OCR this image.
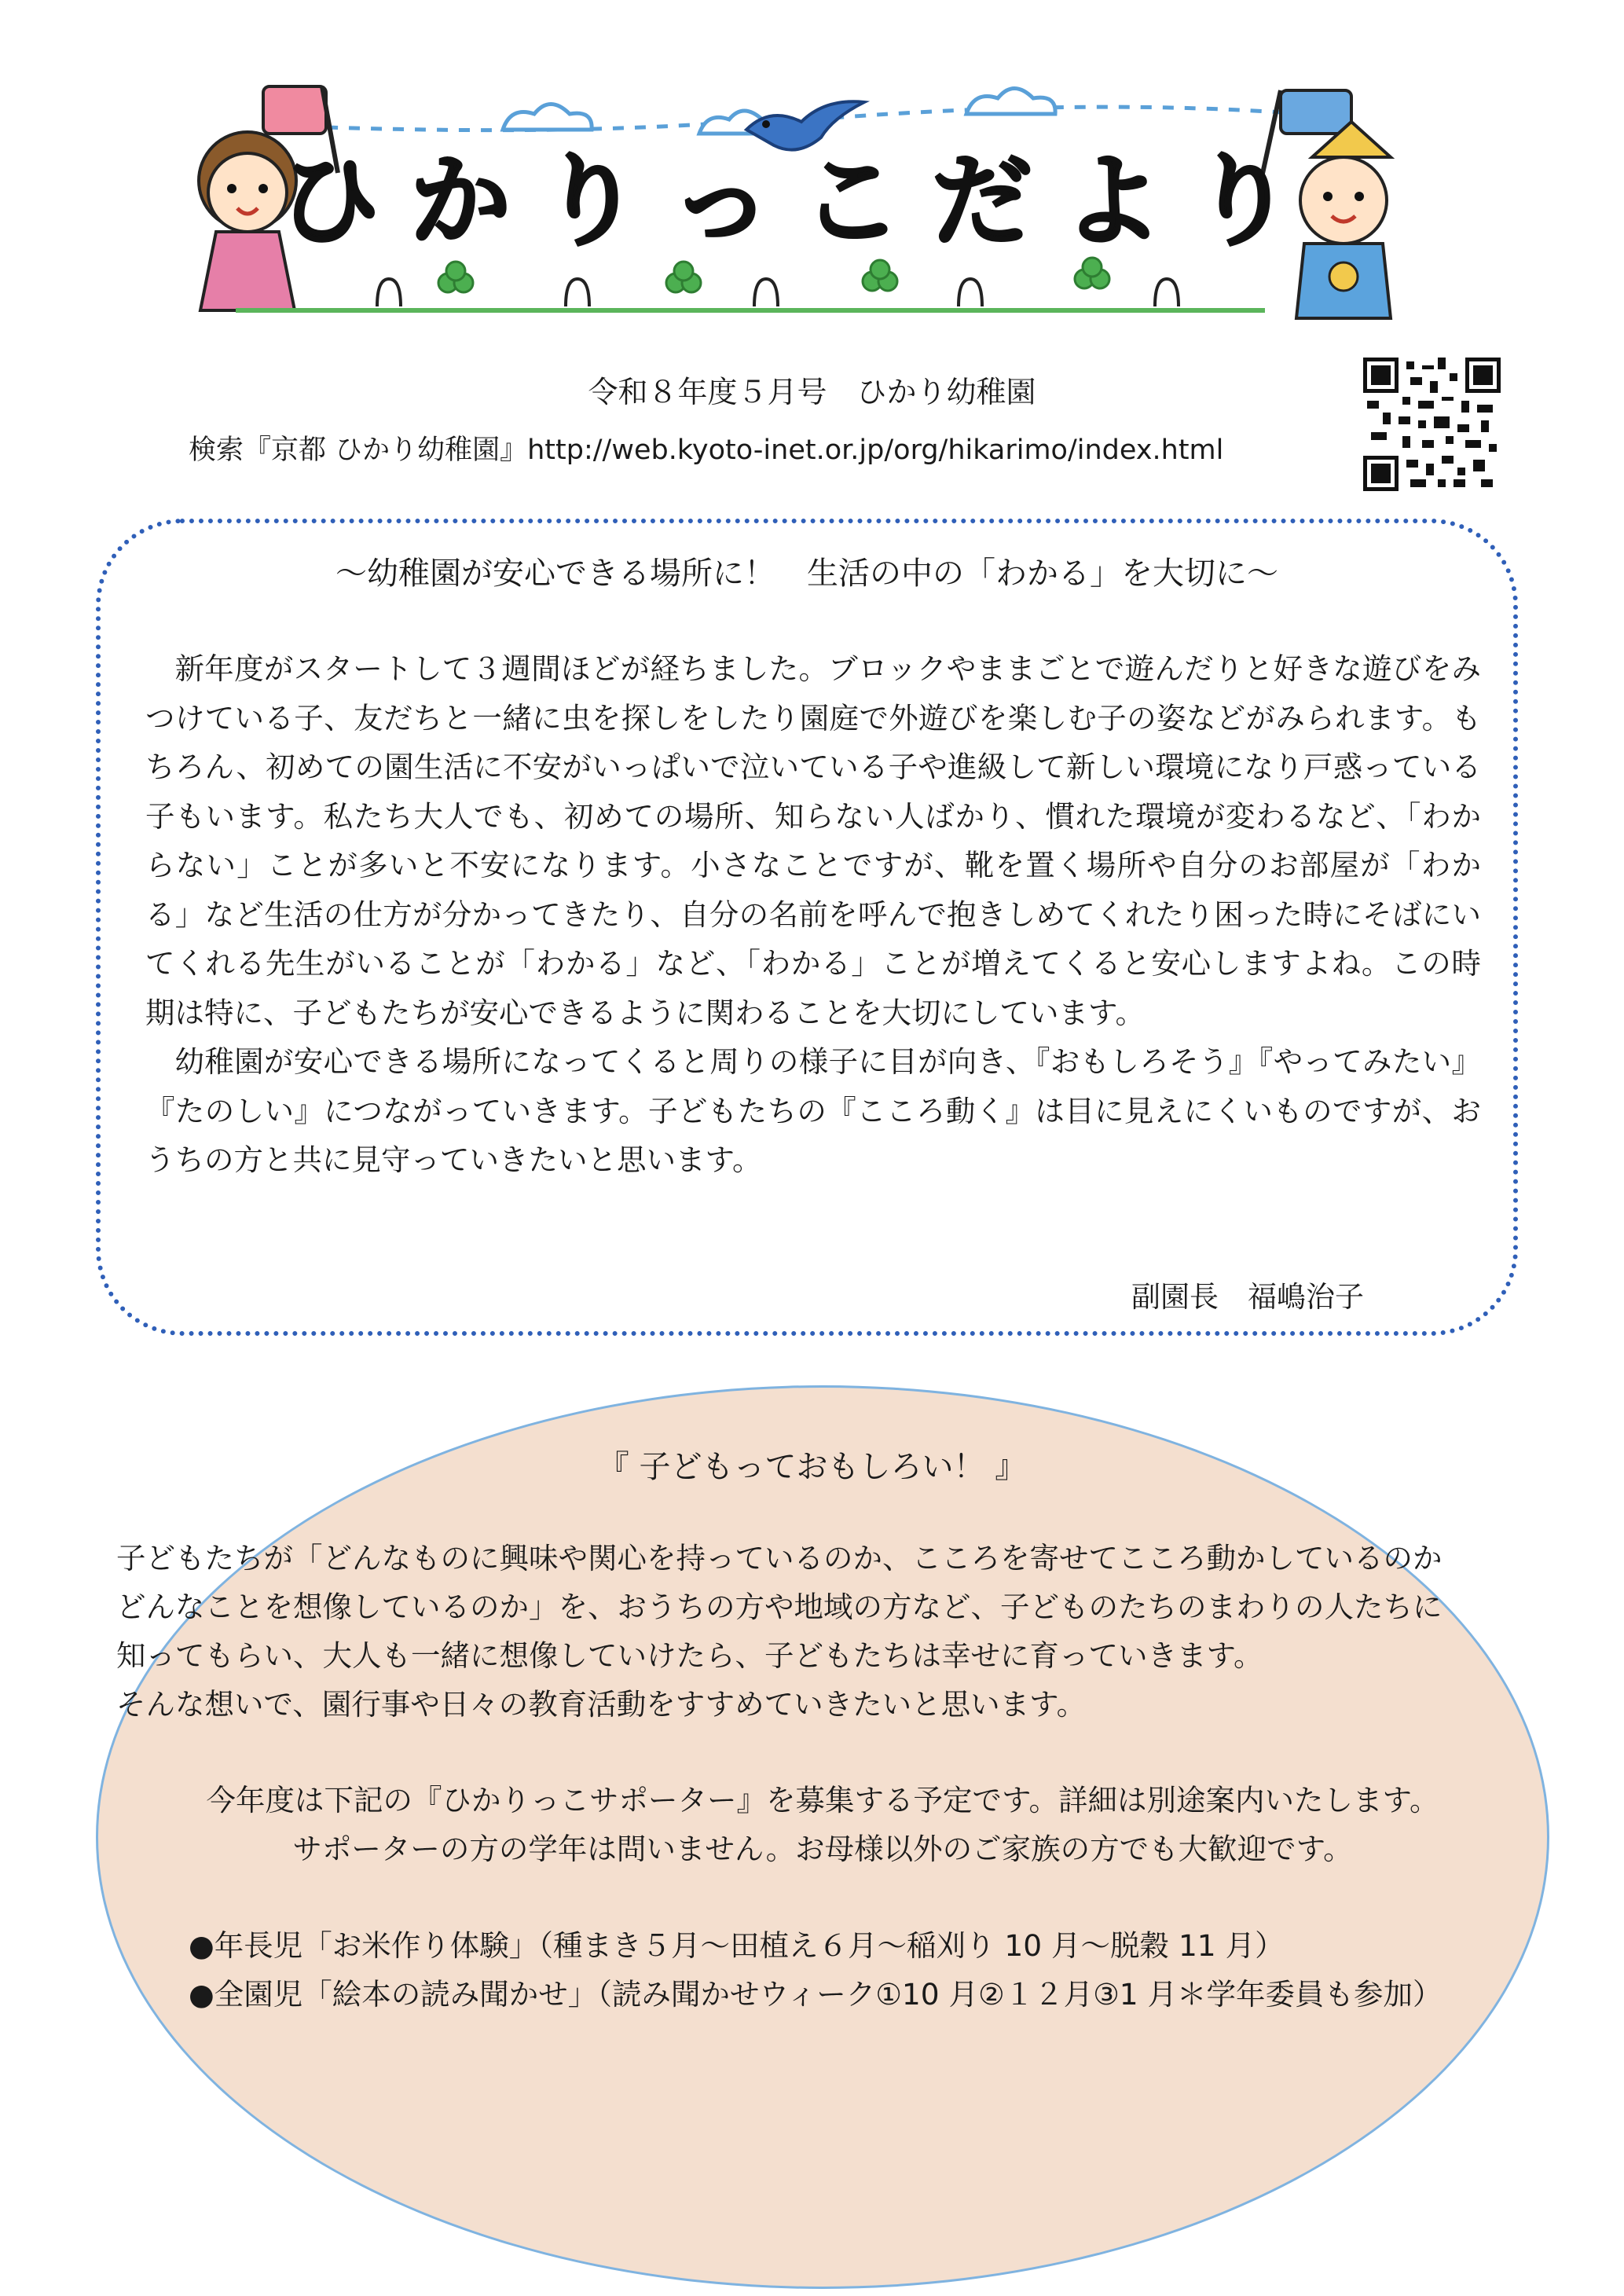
ひかりっこだより
令和８年度５月号　ひかり幼稚園
検索『京都 ひかり幼稚園』http://web.kyoto-inet.or.jp/org/hikarimo/index.html
～幼稚園が安心できる場所に！　生活の中の「わかる」を大切に～

新年度がスタートして３週間ほどが経ちました。ブロックやままごとで遊んだりと好きな遊びをみつけている子、友だちと一緒に虫を探しをしたり園庭で外遊びを楽しむ子の姿などがみられます。もちろん、初めての園生活に不安がいっぱいで泣いている子や進級して新しい環境になり戸惑っている子もいます。私たち大人でも、初めての場所、知らない人ばかり、慣れた環境が変わるなど、「わからない」ことが多いと不安になります。小さなことですが、靴を置く場所や自分のお部屋が「わかる」など生活の仕方が分かってきたり、自分の名前を呼んで抱きしめてくれたり困った時にそばにいてくれる先生がいることが「わかる」など、「わかる」ことが増えてくると安心しますよね。この時期は特に、子どもたちが安心できるように関わることを大切にしています。

幼稚園が安心できる場所になってくると周りの様子に目が向き、『おもしろそう』『やってみたい』『たのしい』につながっていきます。子どもたちの『こころ動く』は目に見えにくいものですが、おうちの方と共に見守っていきたいと思います。

副園長　福嶋治子
『 子どもっておもしろい！ 』
子どもたちが「どんなものに興味や関心を持っているのか、こころを寄せてこころ動かしているのか
どんなことを想像しているのか」を、おうちの方や地域の方など、子どものたちのまわりの人たちに
知ってもらい、大人も一緒に想像していけたら、子どもたちは幸せに育っていきます。
そんな想いで、園行事や日々の教育活動をすすめていきたいと思います。
今年度は下記の『ひかりっこサポーター』を募集する予定です。詳細は別途案内いたします。
サポーターの方の学年は問いません。お母様以外のご家族の方でも大歓迎です。
●年長児「お米作り体験」（種まき５月～田植え６月～稲刈り 10 月～脱穀 11 月）
●全園児「絵本の読み聞かせ」（読み聞かせウィーク①10 月②１２月③1 月＊学年委員も参加）
